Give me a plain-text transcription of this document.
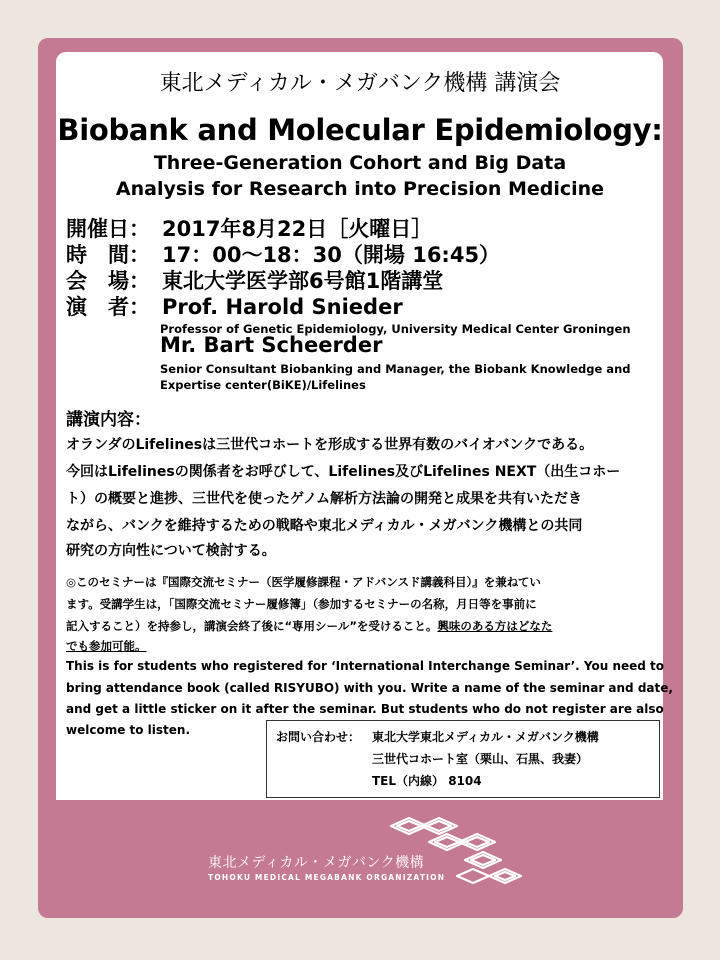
東北メディカル・メガバンク機構 講演会
Biobank and Molecular Epidemiology:
Three-Generation Cohort and Big Data
Analysis for Research into Precision Medicine
開催日： 2017年8月22日［火曜日］
時　間： 17：00～18：30（開場 16:45）
会　場： 東北大学医学部6号館1階講堂
演　者： Prof. Harold Snieder
Professor of Genetic Epidemiology, University Medical Center Groningen
Mr. Bart Scheerder
Senior Consultant Biobanking and Manager, the Biobank Knowledge and
Expertise center(BiKE)/Lifelines
講演内容：
オランダのLifelinesは三世代コホートを形成する世界有数のバイオバンクである。
今回はLifelinesの関係者をお呼びして、Lifelines及びLifelines NEXT（出生コホー
ト）の概要と進捗、三世代を使ったゲノム解析方法論の開発と成果を共有いただき
ながら、バンクを維持するための戦略や東北メディカル・メガバンク機構との共同
研究の方向性について検討する。
◎このセミナーは『国際交流セミナー（医学履修課程・アドバンスド講義科目）』を兼ねてい
ます。受講学生は，「国際交流セミナー履修簿」（参加するセミナーの名称，月日等を事前に
記入すること）を持参し，講演会終了後に“専用シール”を受けること。興味のある方はどなた
でも参加可能。
This is for students who registered for ‘International Interchange Seminar’. You need to
bring attendance book (called RISYUBO) with you. Write a name of the seminar and date,
and get a little sticker on it after the seminar. But students who do not register are also
welcome to listen.	お問い合わせ： 東北大学東北メディカル・メガバンク機構
三世代コホート室（栗山、石黒、我妻）
TEL（内線） 8104
東北メディカル・メガバンク機構
TOHOKU MEDICAL MEGABANK ORGANIZATION
